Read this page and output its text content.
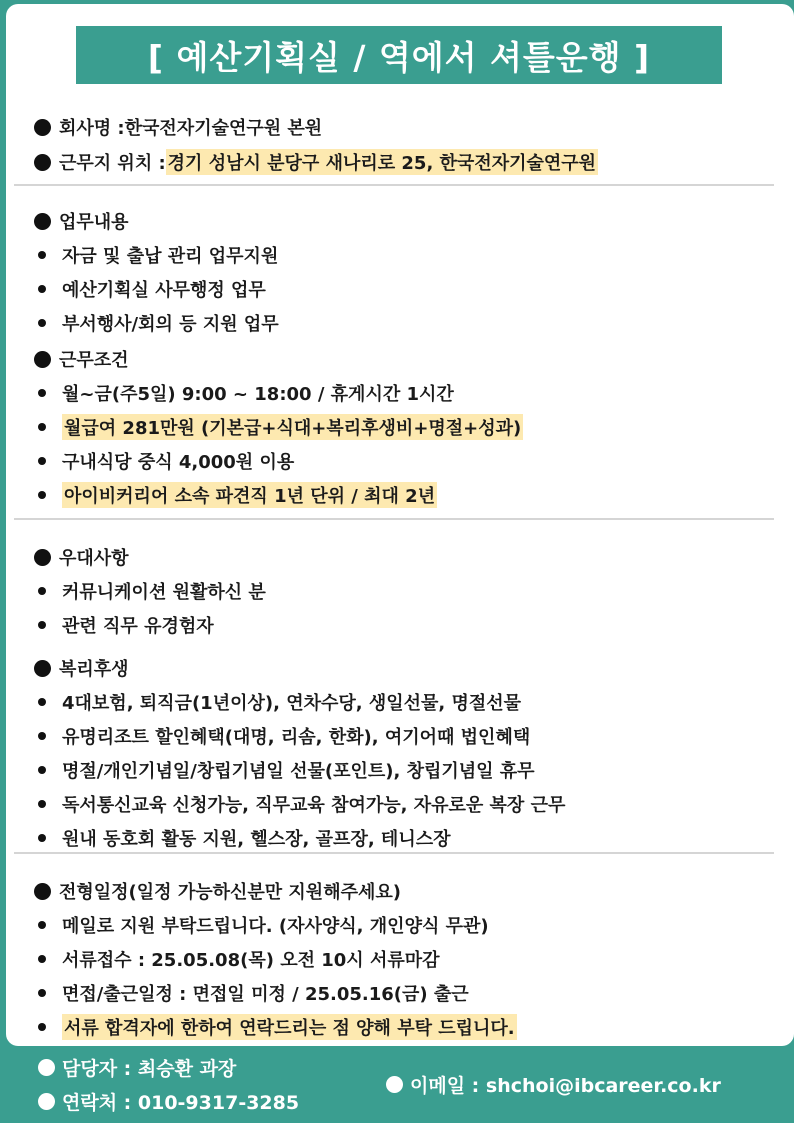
[ 예산기획실 / 역에서 셔틀운행 ]
회사명 : 한국전자기술연구원 본원
근무지 위치 : 경기 성남시 분당구 새나리로 25, 한국전자기술연구원
업무내용
자금 및 출납 관리 업무지원
예산기획실 사무행정 업무
부서행사/회의 등 지원 업무
근무조건
월~금(주5일) 9:00 ~ 18:00 / 휴게시간 1시간
월급여 281만원 (기본급+식대+복리후생비+명절+성과)
구내식당 중식 4,000원 이용
아이비커리어 소속 파견직 1년 단위 / 최대 2년
우대사항
커뮤니케이션 원활하신 분
관련 직무 유경험자
복리후생
4대보험, 퇴직금(1년이상), 연차수당, 생일선물, 명절선물
유명리조트 할인혜택(대명, 리솜, 한화), 여기어때 법인혜택
명절/개인기념일/창립기념일 선물(포인트), 창립기념일 휴무
독서통신교육 신청가능, 직무교육 참여가능, 자유로운 복장 근무
원내 동호회 활동 지원, 헬스장, 골프장, 테니스장
전형일정(일정 가능하신분만 지원해주세요)
메일로 지원 부탁드립니다. (자사양식, 개인양식 무관)
서류접수 : 25.05.08(목) 오전 10시 서류마감
면접/출근일정 : 면접일 미정 / 25.05.16(금) 출근
서류 합격자에 한하여 연락드리는 점 양해 부탁 드립니다.
담당자 : 최승환 과장
연락처 : 010-9317-3285
이메일 : shchoi@ibcareer.co.kr
